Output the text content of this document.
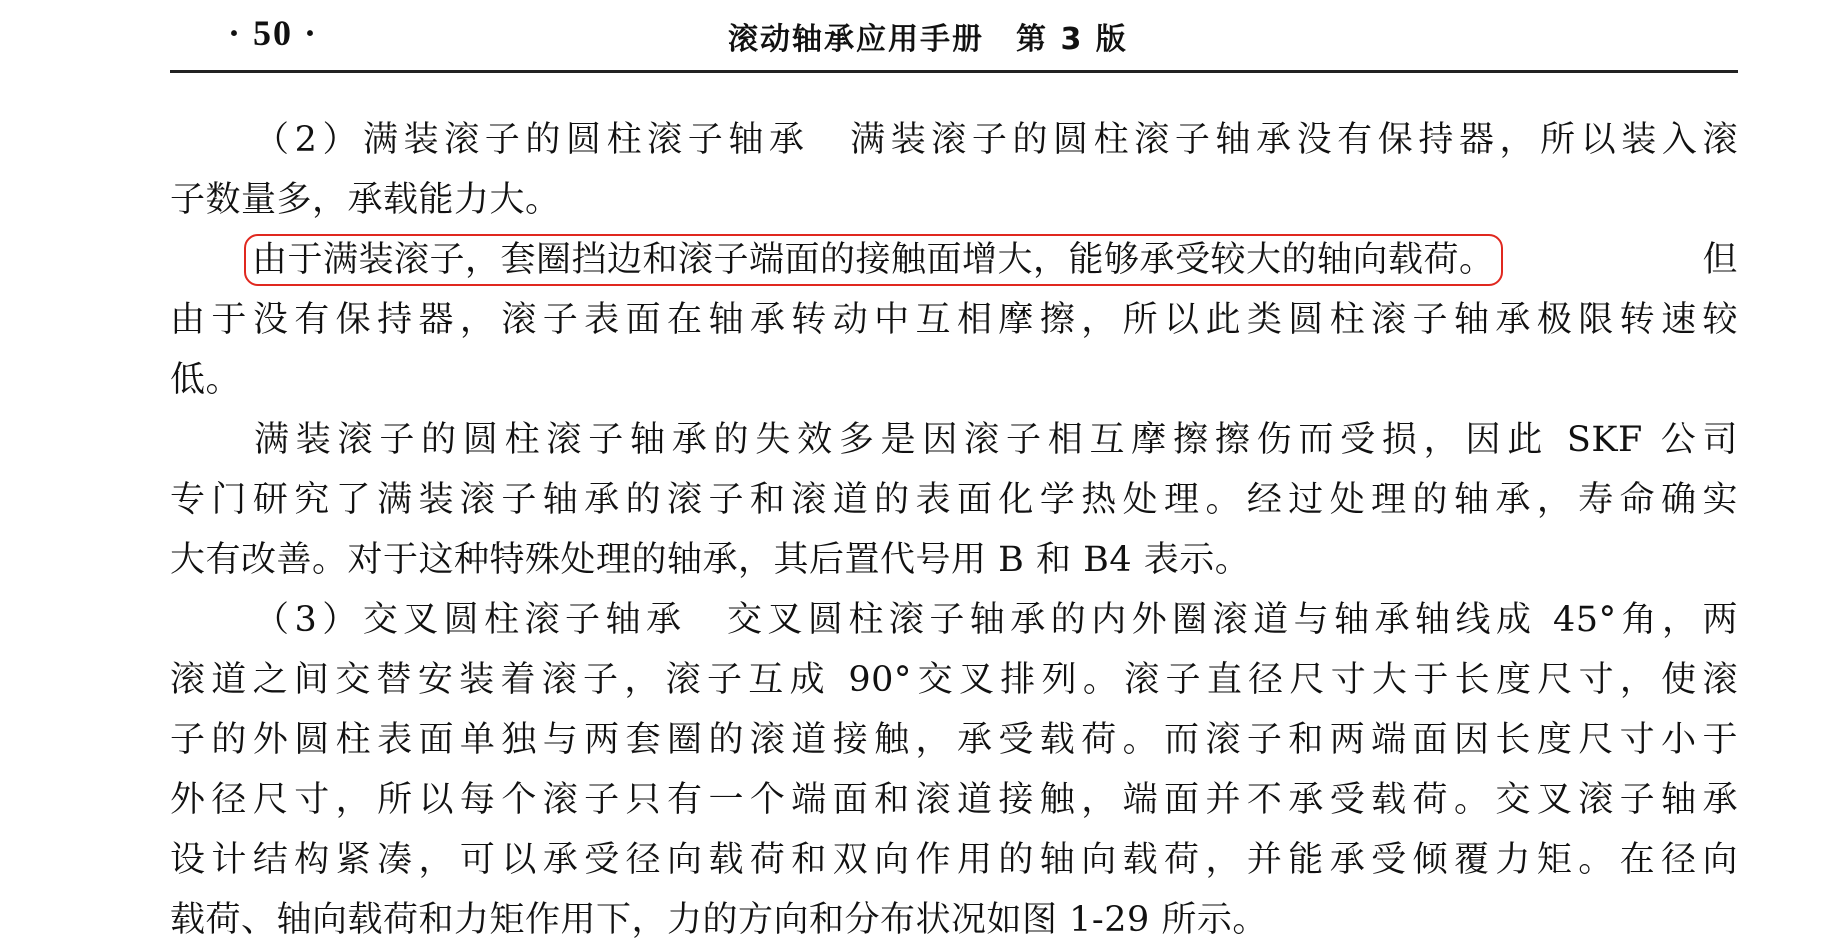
· 50 ·	滚动轴承应用手册　第 3 版
（2）满装滚子的圆柱滚子轴承　满装滚子的圆柱滚子轴承没有保持器，所以装入滚
子数量多，承载能力大。
由于满装滚子，套圈挡边和滚子端面的接触面增大，能够承受较大的轴向载荷。	但
由于没有保持器，滚子表面在轴承转动中互相摩擦，所以此类圆柱滚子轴承极限转速较
低。
满装滚子的圆柱滚子轴承的失效多是因滚子相互摩擦擦伤而受损，因此 SKF 公司
专门研究了满装滚子轴承的滚子和滚道的表面化学热处理。经过处理的轴承，寿命确实
大有改善。对于这种特殊处理的轴承，其后置代号用 B 和 B4 表示。
（3）交叉圆柱滚子轴承　交叉圆柱滚子轴承的内外圈滚道与轴承轴线成 45°角，两
滚道之间交替安装着滚子，滚子互成 90°交叉排列。滚子直径尺寸大于长度尺寸，使滚
子的外圆柱表面单独与两套圈的滚道接触，承受载荷。而滚子和两端面因长度尺寸小于
外径尺寸，所以每个滚子只有一个端面和滚道接触，端面并不承受载荷。交叉滚子轴承
设计结构紧凑，可以承受径向载荷和双向作用的轴向载荷，并能承受倾覆力矩。在径向
载荷、轴向载荷和力矩作用下，力的方向和分布状况如图 1-29 所示。
